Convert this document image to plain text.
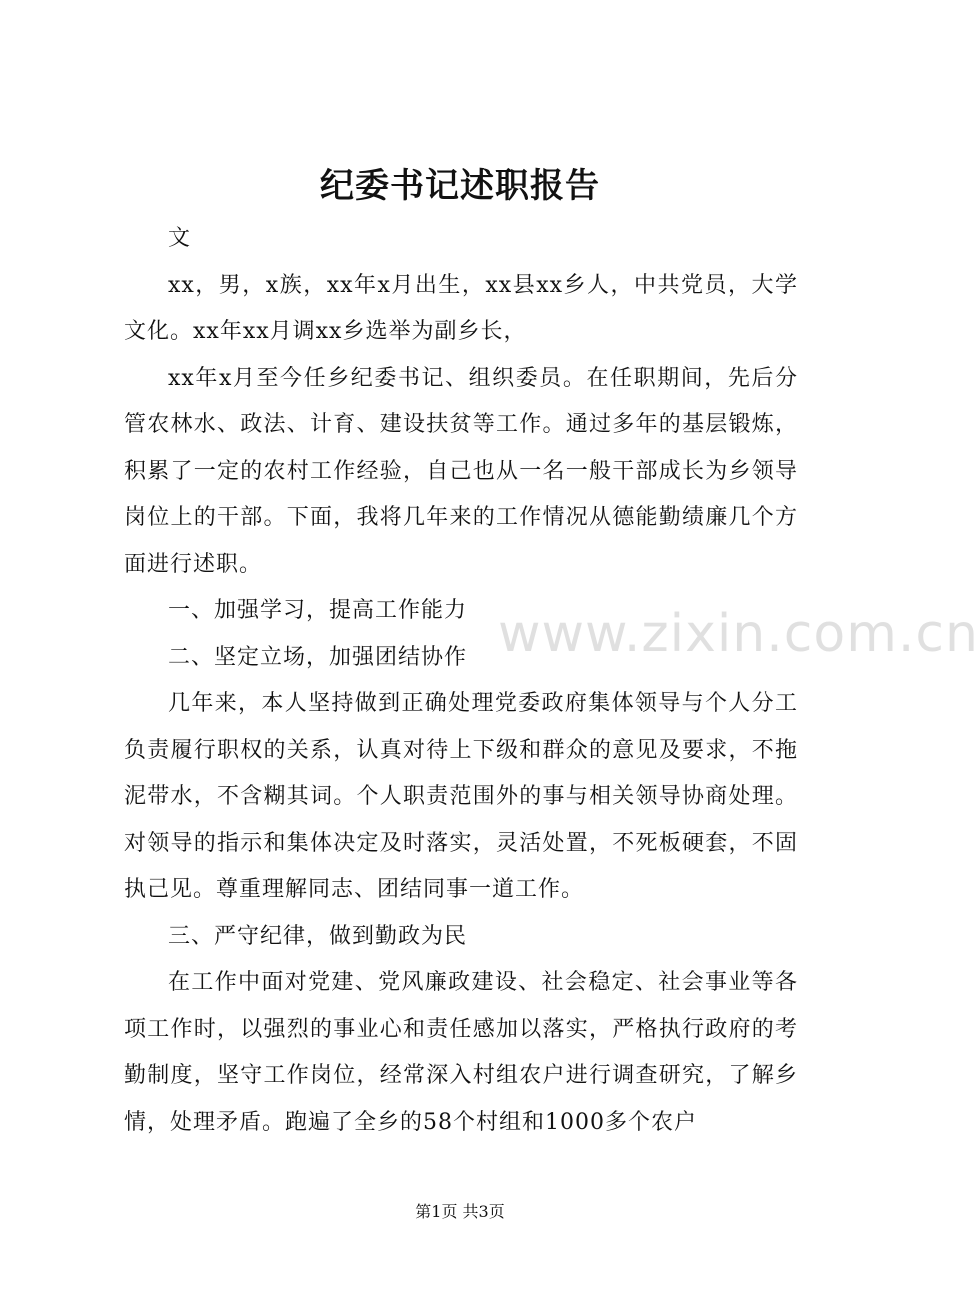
纪委书记述职报告

文

xx，男，x族，xx年x月出生，xx县xx乡人，中共党员，大学文化。xx年xx月调xx乡选举为副乡长，

xx年x月至今任乡纪委书记、组织委员。在任职期间，先后分管农林水、政法、计育、建设扶贫等工作。通过多年的基层锻炼，积累了一定的农村工作经验，自己也从一名一般干部成长为乡领导岗位上的干部。下面，我将几年来的工作情况从德能勤绩廉几个方面进行述职。

一、加强学习，提高工作能力

二、坚定立场，加强团结协作

几年来，本人坚持做到正确处理党委政府集体领导与个人分工负责履行职权的关系，认真对待上下级和群众的意见及要求，不拖泥带水，不含糊其词。个人职责范围外的事与相关领导协商处理。对领导的指示和集体决定及时落实，灵活处置，不死板硬套，不固执己见。尊重理解同志、团结同事一道工作。

三、严守纪律，做到勤政为民

在工作中面对党建、党风廉政建设、社会稳定、社会事业等各项工作时，以强烈的事业心和责任感加以落实，严格执行政府的考勤制度，坚守工作岗位，经常深入村组农户进行调查研究，了解乡情，处理矛盾。跑遍了全乡的58个村组和1000多个农户

www.zixin.com.cn
第1页 共3页
